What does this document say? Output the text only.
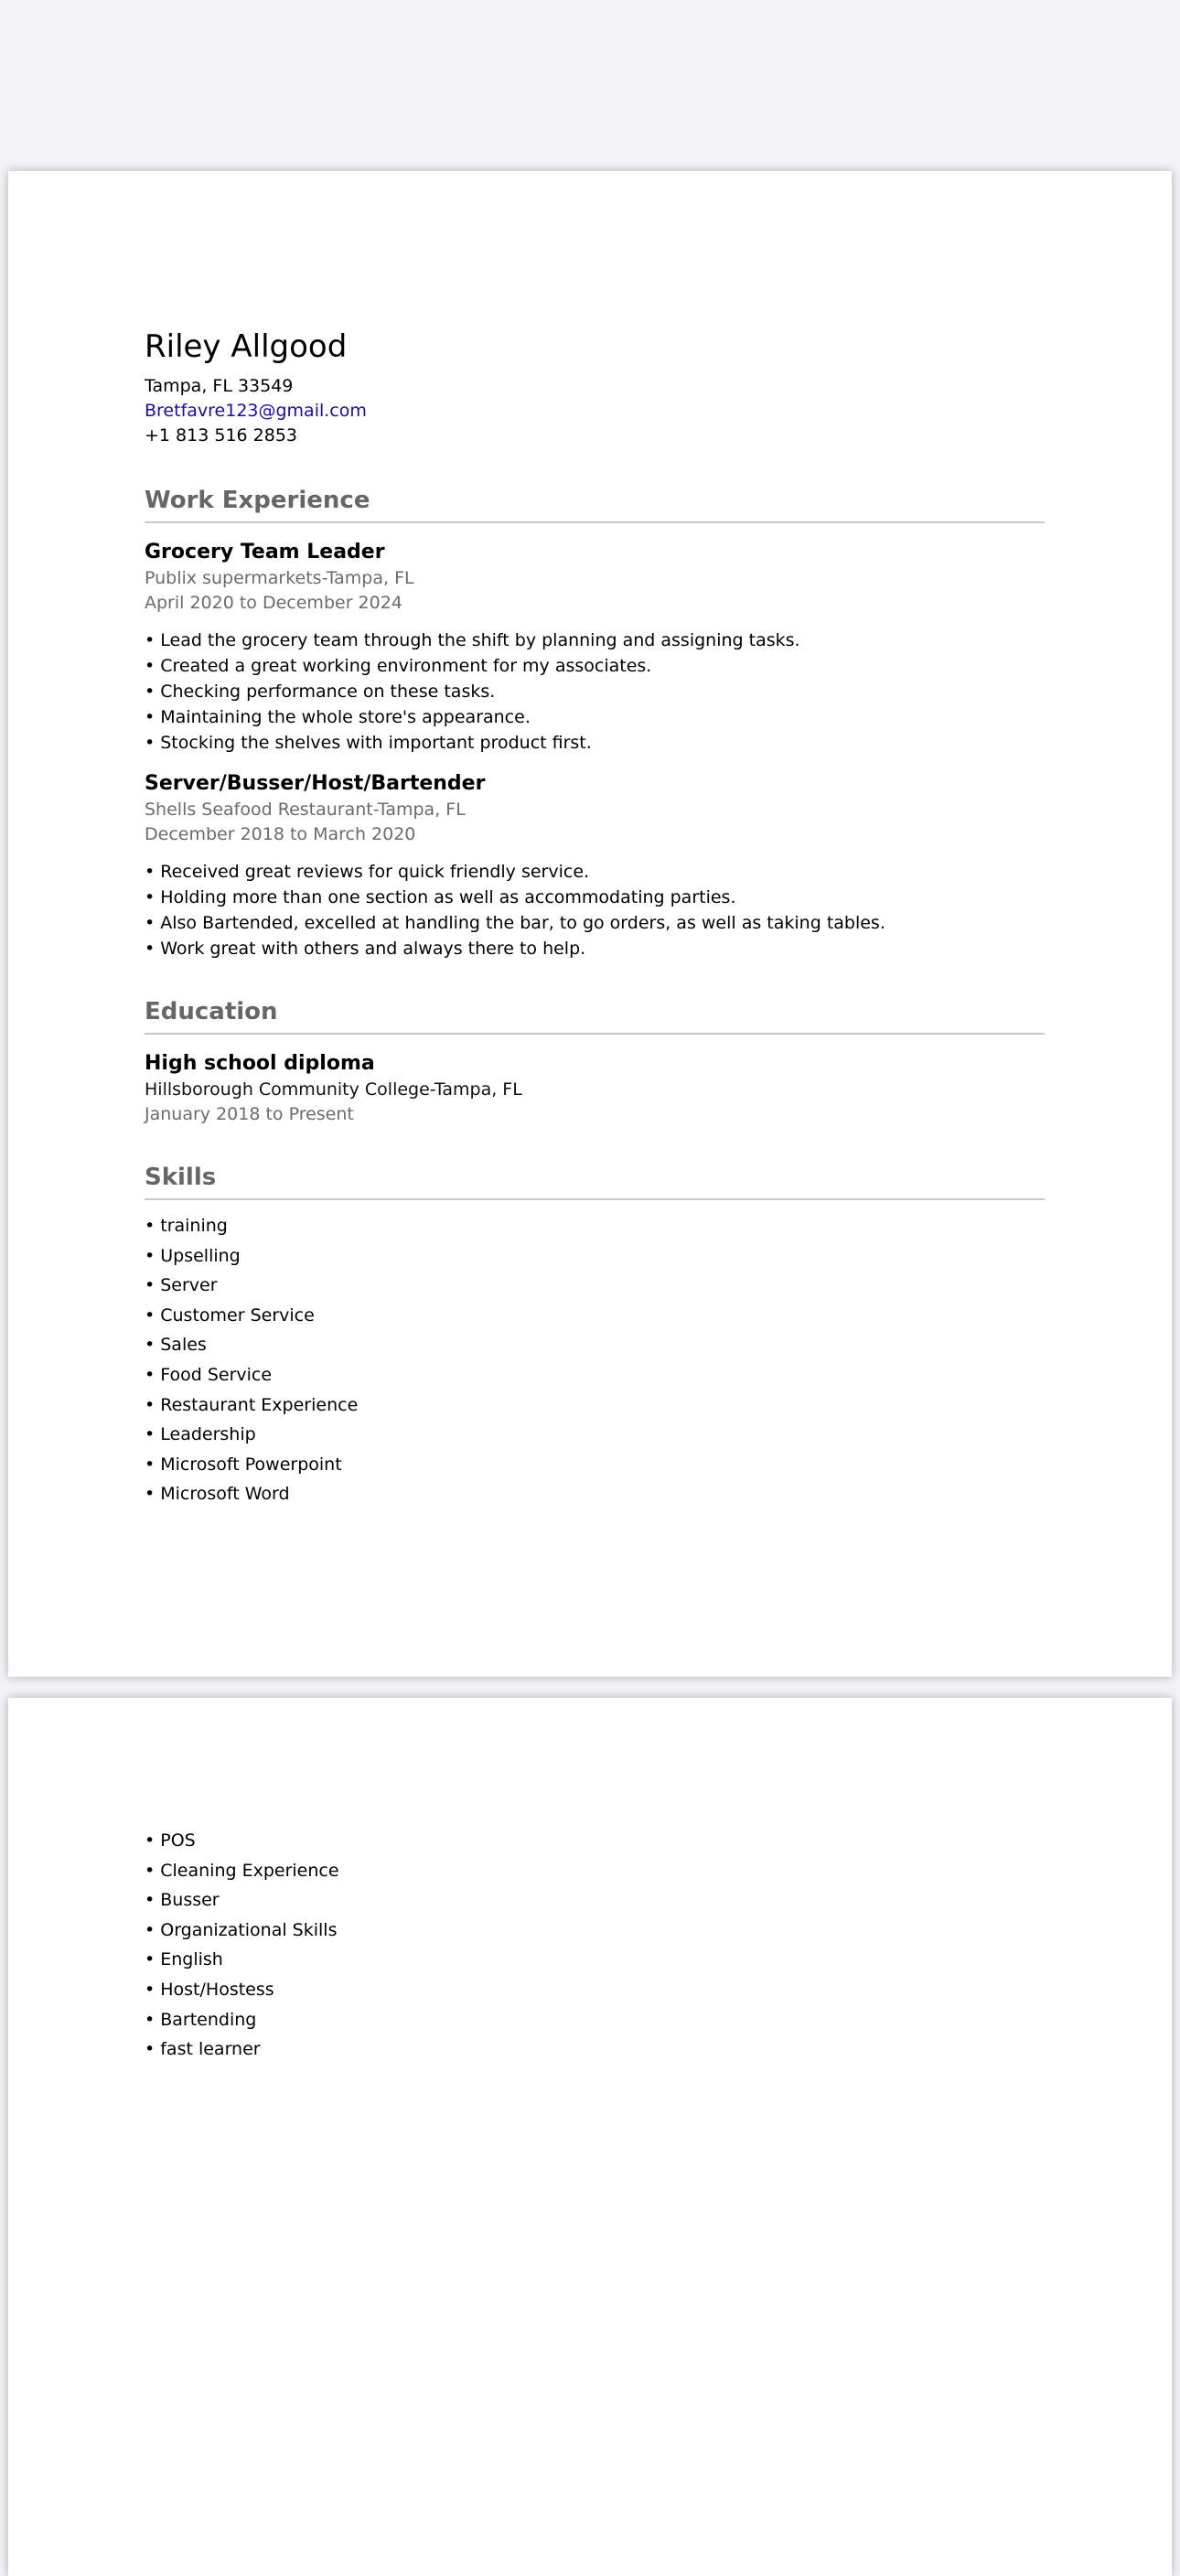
Riley Allgood
Tampa, FL 33549
Bretfavre123@gmail.com
+1 813 516 2853
Work Experience
Grocery Team Leader
Publix supermarkets-Tampa, FL
April 2020 to December 2024
• Lead the grocery team through the shift by planning and assigning tasks.
• Created a great working environment for my associates.
• Checking performance on these tasks.
• Maintaining the whole store's appearance.
• Stocking the shelves with important product first.
Server/Busser/Host/Bartender
Shells Seafood Restaurant-Tampa, FL
December 2018 to March 2020
• Received great reviews for quick friendly service.
• Holding more than one section as well as accommodating parties.
• Also Bartended, excelled at handling the bar, to go orders, as well as taking tables.
• Work great with others and always there to help.
Education
High school diploma
Hillsborough Community College-Tampa, FL
January 2018 to Present
Skills
• training
• Upselling
• Server
• Customer Service
• Sales
• Food Service
• Restaurant Experience
• Leadership
• Microsoft Powerpoint
• Microsoft Word
• POS
• Cleaning Experience
• Busser
• Organizational Skills
• English
• Host/Hostess
• Bartending
• fast learner
